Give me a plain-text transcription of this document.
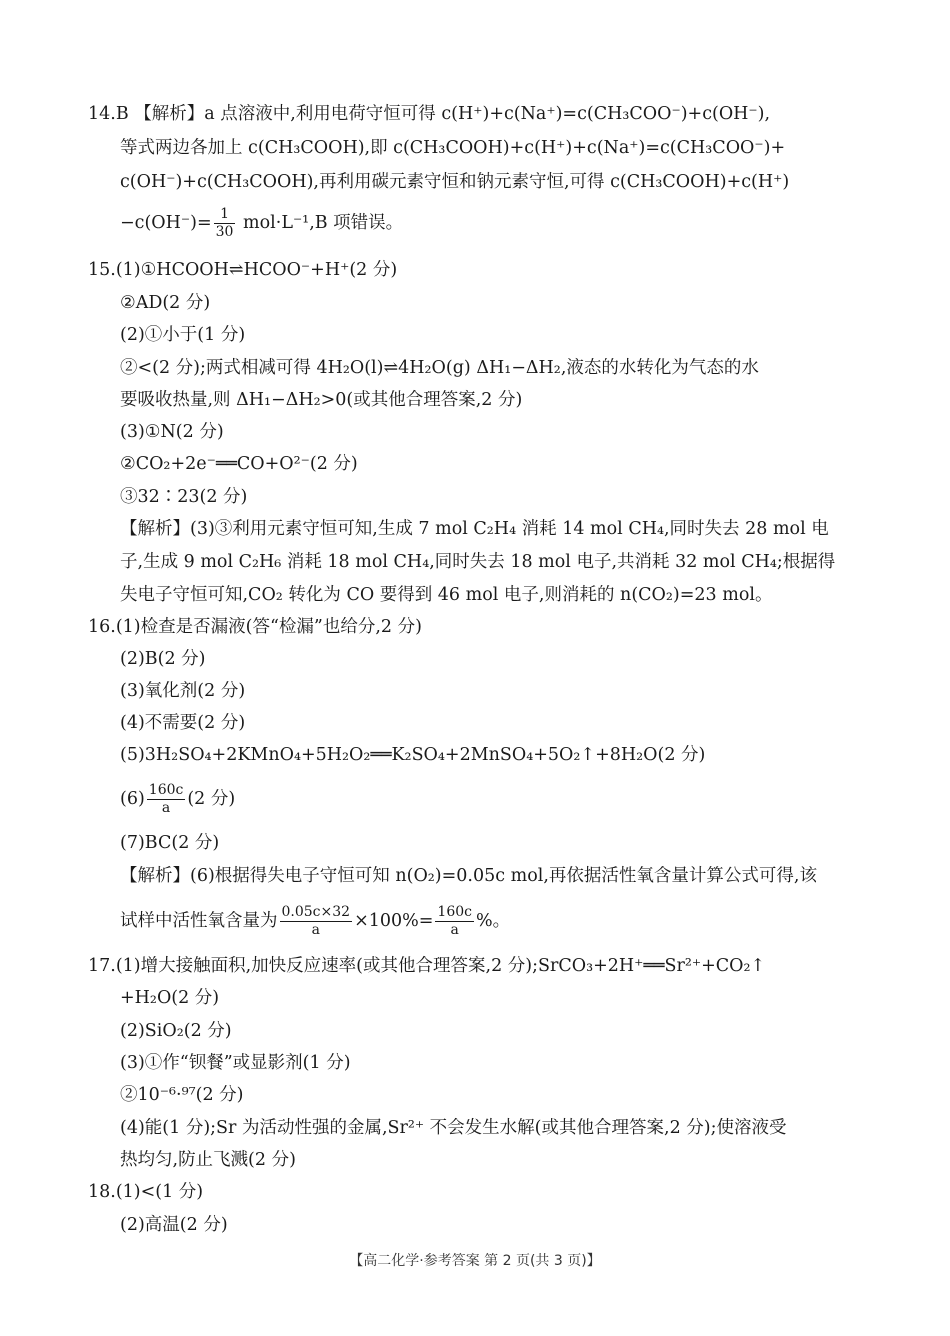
14.B 【解析】a 点溶液中,利用电荷守恒可得 c(H⁺)+c(Na⁺)=c(CH₃COO⁻)+c(OH⁻),
等式两边各加上 c(CH₃COOH),即 c(CH₃COOH)+c(H⁺)+c(Na⁺)=c(CH₃COO⁻)+
c(OH⁻)+c(CH₃COOH),再利用碳元素守恒和钠元素守恒,可得 c(CH₃COOH)+c(H⁺)
$-c(OH^-)= \frac{1}{30} mol\cdot L^{-1},B$ 项错误。
15.(1)①HCOOH⇌HCOO⁻+H⁺(2 分)
②AD(2 分)
(2)①小于(1 分)
②<(2 分);两式相减可得 4H₂O(l)⇌4H₂O(g) ΔH₁−ΔH₂,液态的水转化为气态的水
要吸收热量,则 ΔH₁−ΔH₂>0(或其他合理答案,2 分)
(3)①N(2 分)
②CO₂+2e⁻══CO+O²⁻(2 分)
③32∶23(2 分)
【解析】(3)③利用元素守恒可知,生成 7 mol C₂H₄ 消耗 14 mol CH₄,同时失去 28 mol 电
子,生成 9 mol C₂H₆ 消耗 18 mol CH₄,同时失去 18 mol 电子,共消耗 32 mol CH₄;根据得
失电子守恒可知,CO₂ 转化为 CO 要得到 46 mol 电子,则消耗的 n(CO₂)=23 mol。
16.(1)检查是否漏液(答“检漏”也给分,2 分)
(2)B(2 分)
(3)氧化剂(2 分)
(4)不需要(2 分)
(5)3H₂SO₄+2KMnO₄+5H₂O₂══K₂SO₄+2MnSO₄+5O₂↑+8H₂O(2 分)
$(6) \frac{160c}{a} (2$ 分)
(7)BC(2 分)
【解析】(6)根据得失电子守恒可知 n(O₂)=0.05c mol,再依据活性氧含量计算公式可得,该
试样中活性氧含量为 $\frac{0.05c\times 32}{a} \times 100\%= \frac{160c}{a}$ %。
17.(1)增大接触面积,加快反应速率(或其他合理答案,2 分);SrCO₃+2H⁺══Sr²⁺+CO₂↑
+H₂O(2 分)
(2)SiO₂(2 分)
(3)①作“钡餐”或显影剂(1 分)
②10⁻⁶·⁹⁷(2 分)
(4)能(1 分);Sr 为活动性强的金属,Sr²⁺ 不会发生水解(或其他合理答案,2 分);使溶液受
热均匀,防止飞溅(2 分)
18.(1)<(1 分)
(2)高温(2 分)
【高二化学·参考答案 第 2 页(共 3 页)】
